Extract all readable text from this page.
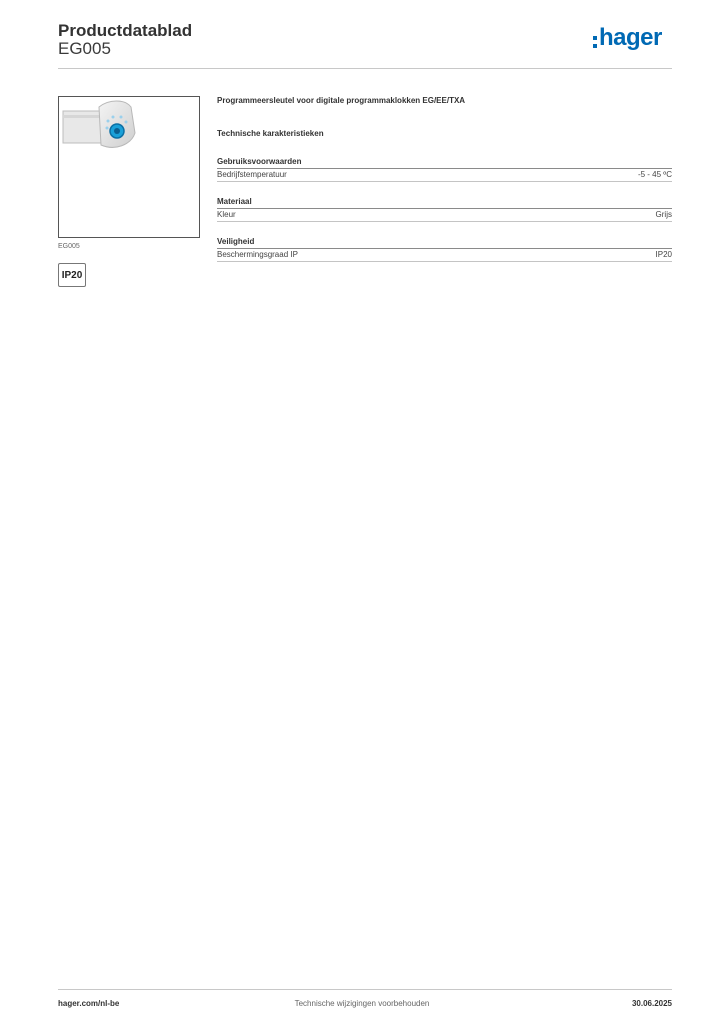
Productdatablad
EG005	hager
EG005
IP20
Programmeersleutel voor digitale programmaklokken EG/EE/TXA
Technische karakteristieken
Gebruiksvoorwaarden
Bedrijfstemperatuur	-5 - 45 ºC
Materiaal
Kleur	Grijs
Veiligheid
Beschermingsgraad IP	IP20
hager.com/nl-be	Technische wijzigingen voorbehouden	30.06.2025
